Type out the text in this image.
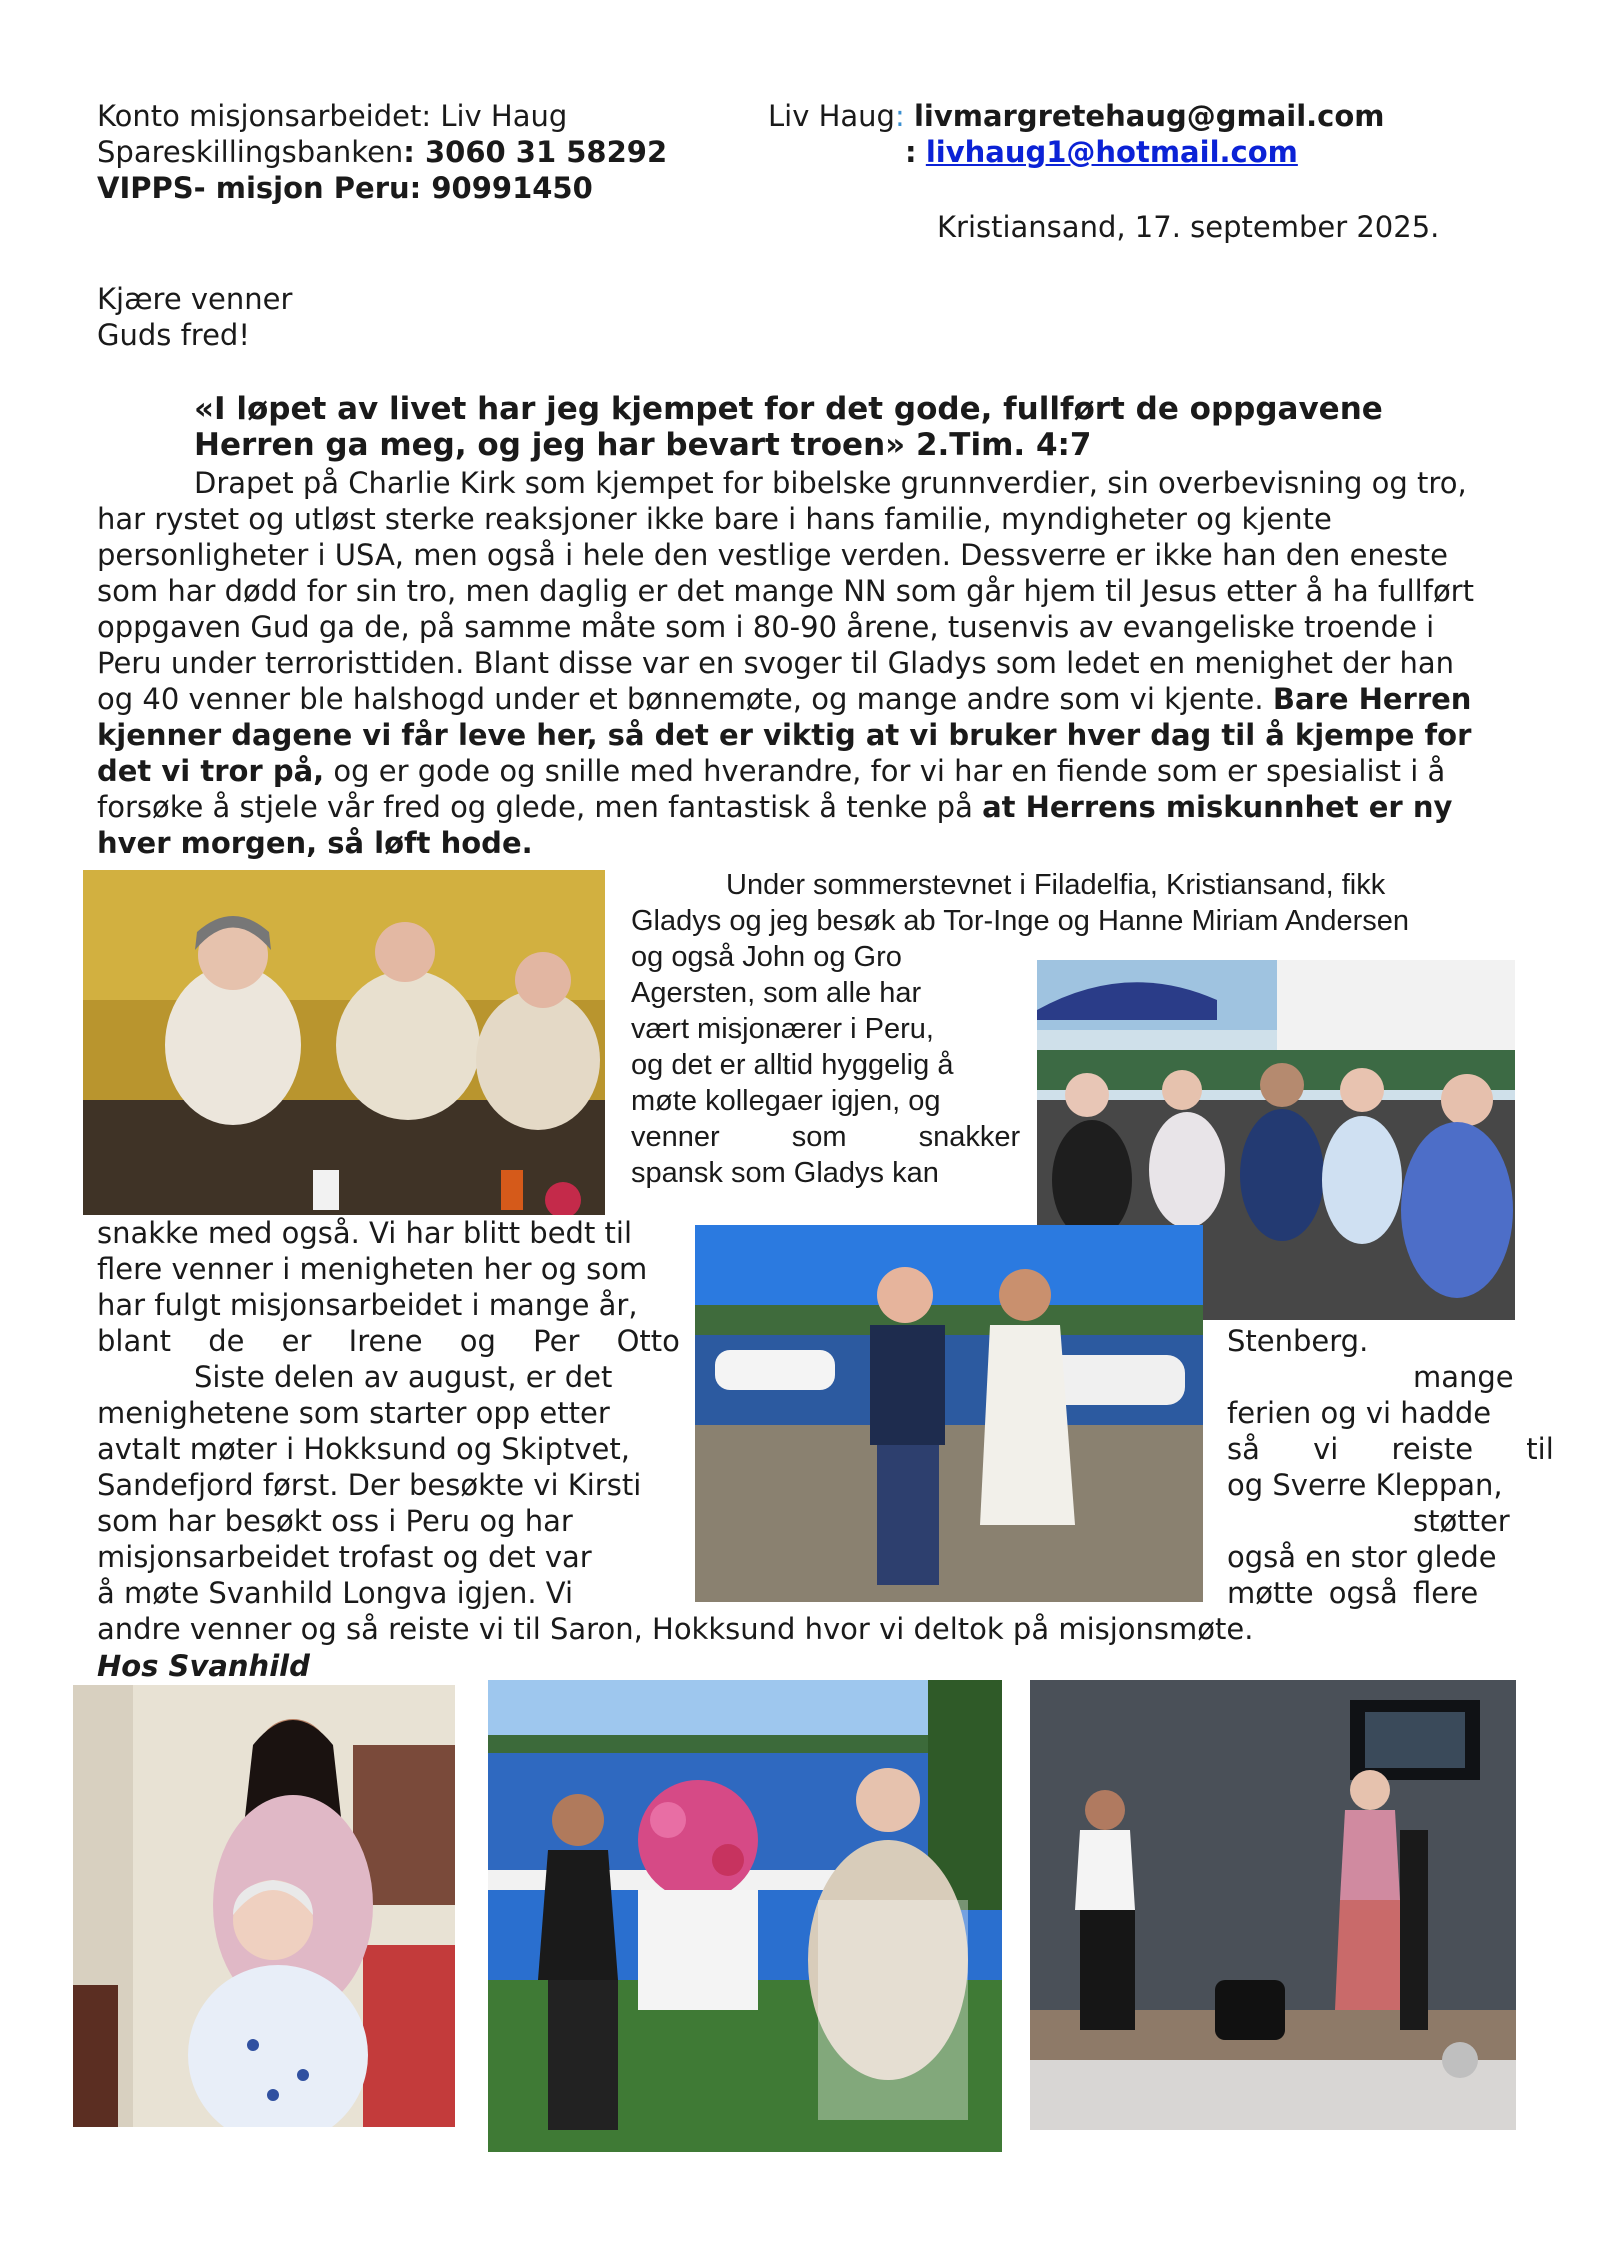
Konto misjonsarbeidet: Liv Haug
Spareskillingsbanken: 3060 31 58292
VIPPS- misjon Peru: 90991450
Liv Haug: livmargretehaug@gmail.com
: livhaug1@hotmail.com
Kristiansand, 17. september 2025.
Kjære venner
Guds fred!
«I løpet av livet har jeg kjempet for det gode, fullført de oppgavene
Herren ga meg, og jeg har bevart troen» 2.Tim. 4:7
Drapet på Charlie Kirk som kjempet for bibelske grunnverdier, sin overbevisning og tro,
har rystet og utløst sterke reaksjoner ikke bare i hans familie, myndigheter og kjente
personligheter i USA, men også i hele den vestlige verden. Dessverre er ikke han den eneste
som har dødd for sin tro, men daglig er det mange NN som går hjem til Jesus etter å ha fullført
oppgaven Gud ga de, på samme måte som i 80-90 årene, tusenvis av evangeliske troende i
Peru under terroristtiden. Blant disse var en svoger til Gladys som ledet en menighet der han
og 40 venner ble halshogd under et bønnemøte, og mange andre som vi kjente. Bare Herren
kjenner dagene vi får leve her, så det er viktig at vi bruker hver dag til å kjempe for
det vi tror på, og er gode og snille med hverandre, for vi har en fiende som er spesialist i å
forsøke å stjele vår fred og glede, men fantastisk å tenke på at Herrens miskunnhet er ny
hver morgen, så løft hode.
Under sommerstevnet i Filadelfia, Kristiansand, fikk
Gladys og jeg besøk ab Tor-Inge og Hanne Miriam Andersen
og også John og Gro
Agersten, som alle har
vært misjonærer i Peru,
og det er alltid hyggelig å
møte kollegaer igjen, og
venner som snakker
spansk som Gladys kan
snakke med også. Vi har blitt bedt til
flere venner i menigheten her og som
har fulgt misjonsarbeidet i mange år,
blant de er Irene og Per Otto
Siste delen av august, er det
menighetene som starter opp etter
avtalt møter i Hokksund og Skiptvet,
Sandefjord først. Der besøkte vi Kirsti
som har besøkt oss i Peru og har
misjonsarbeidet trofast og det var
å møte Svanhild Longva igjen. Vi
Stenberg.
mange
ferien og vi hadde
så vi reiste til
og Sverre Kleppan,
støtter
også en stor glede
møtte også flere
andre venner og så reiste vi til Saron, Hokksund hvor vi deltok på misjonsmøte.
Hos Svanhild
